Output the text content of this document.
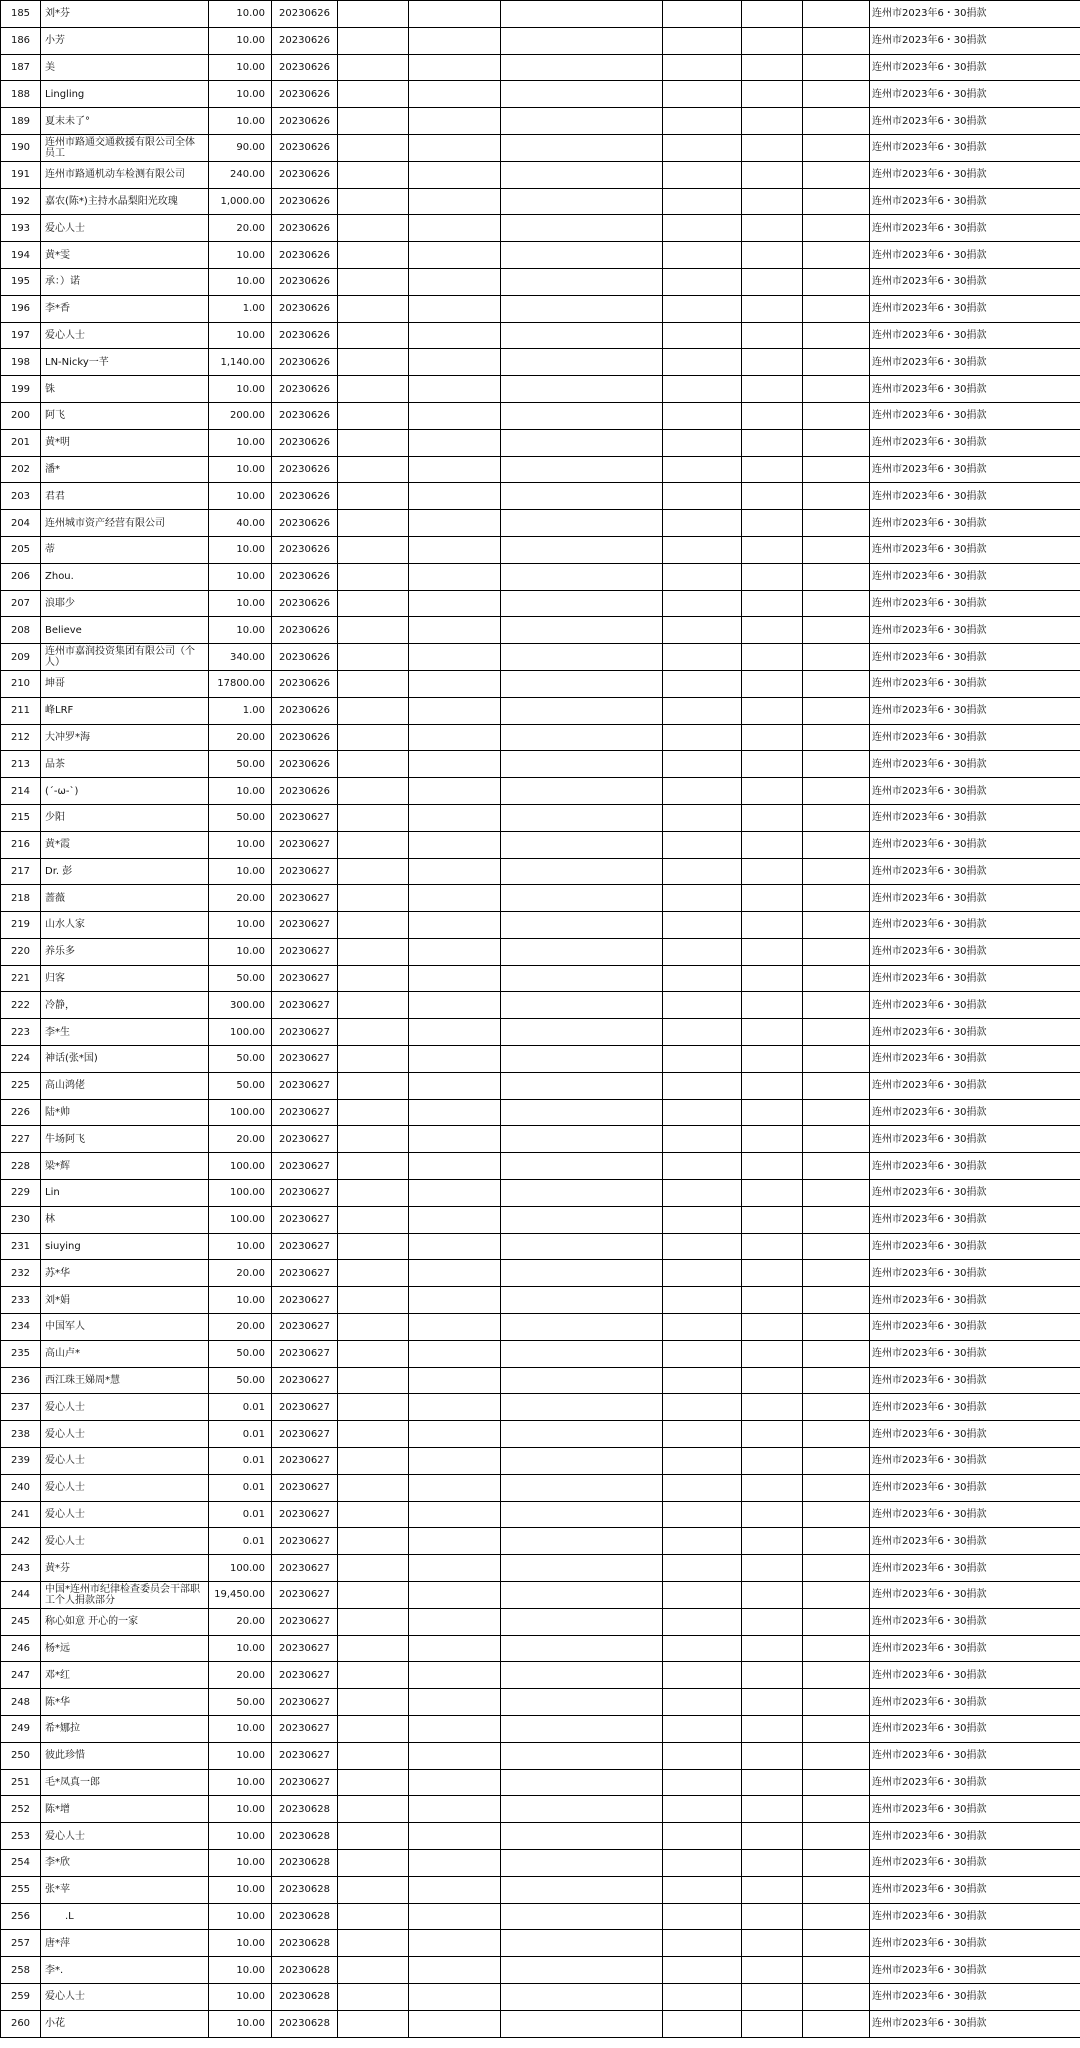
185	刘*芬	10.00	20230626							连州市2023年6・30捐款
186	小芳	10.00	20230626							连州市2023年6・30捐款
187	美	10.00	20230626							连州市2023年6・30捐款
188	Lingling	10.00	20230626							连州市2023年6・30捐款
189	夏末未了°	10.00	20230626							连州市2023年6・30捐款
190	连州市路通交通救援有限公司全体员工	90.00	20230626							连州市2023年6・30捐款
191	连州市路通机动车检测有限公司	240.00	20230626							连州市2023年6・30捐款
192	嘉农(陈*)主持水晶梨阳光玫瑰	1,000.00	20230626							连州市2023年6・30捐款
193	爱心人士	20.00	20230626							连州市2023年6・30捐款
194	黄*雯	10.00	20230626							连州市2023年6・30捐款
195	承：）诺	10.00	20230626							连州市2023年6・30捐款
196	李*香	1.00	20230626							连州市2023年6・30捐款
197	爱心人士	10.00	20230626							连州市2023年6・30捐款
198	LN-Nicky一芊	1,140.00	20230626							连州市2023年6・30捐款
199	铢	10.00	20230626							连州市2023年6・30捐款
200	阿飞	200.00	20230626							连州市2023年6・30捐款
201	黄*明	10.00	20230626							连州市2023年6・30捐款
202	潘*	10.00	20230626							连州市2023年6・30捐款
203	君君	10.00	20230626							连州市2023年6・30捐款
204	连州城市资产经营有限公司	40.00	20230626							连州市2023年6・30捐款
205	蒂	10.00	20230626							连州市2023年6・30捐款
206	Zhou.	10.00	20230626							连州市2023年6・30捐款
207	浪耶少	10.00	20230626							连州市2023年6・30捐款
208	Believe	10.00	20230626							连州市2023年6・30捐款
209	连州市嘉润投资集团有限公司（个人）	340.00	20230626							连州市2023年6・30捐款
210	坤哥	17800.00	20230626							连州市2023年6・30捐款
211	峰LRF	1.00	20230626							连州市2023年6・30捐款
212	大冲罗*海	20.00	20230626							连州市2023年6・30捐款
213	品茶	50.00	20230626							连州市2023年6・30捐款
214	(´-ω-`)	10.00	20230626							连州市2023年6・30捐款
215	少阳	50.00	20230627							连州市2023年6・30捐款
216	黄*霞	10.00	20230627							连州市2023年6・30捐款
217	Dr. 彭	10.00	20230627							连州市2023年6・30捐款
218	蔷薇	20.00	20230627							连州市2023年6・30捐款
219	山水人家	10.00	20230627							连州市2023年6・30捐款
220	养乐多	10.00	20230627							连州市2023年6・30捐款
221	归客	50.00	20230627							连州市2023年6・30捐款
222	冷静，	300.00	20230627							连州市2023年6・30捐款
223	李*生	100.00	20230627							连州市2023年6・30捐款
224	神话(张*国)	50.00	20230627							连州市2023年6・30捐款
225	高山鸿佬	50.00	20230627							连州市2023年6・30捐款
226	陆*帅	100.00	20230627							连州市2023年6・30捐款
227	牛场阿飞	20.00	20230627							连州市2023年6・30捐款
228	梁*辉	100.00	20230627							连州市2023年6・30捐款
229	Lin	100.00	20230627							连州市2023年6・30捐款
230	林	100.00	20230627							连州市2023年6・30捐款
231	siuying	10.00	20230627							连州市2023年6・30捐款
232	苏*华	20.00	20230627							连州市2023年6・30捐款
233	刘*娟	10.00	20230627							连州市2023年6・30捐款
234	中国军人	20.00	20230627							连州市2023年6・30捐款
235	高山卢*	50.00	20230627							连州市2023年6・30捐款
236	西江珠王娣周*慧	50.00	20230627							连州市2023年6・30捐款
237	爱心人士	0.01	20230627							连州市2023年6・30捐款
238	爱心人士	0.01	20230627							连州市2023年6・30捐款
239	爱心人士	0.01	20230627							连州市2023年6・30捐款
240	爱心人士	0.01	20230627							连州市2023年6・30捐款
241	爱心人士	0.01	20230627							连州市2023年6・30捐款
242	爱心人士	0.01	20230627							连州市2023年6・30捐款
243	黄*芬	100.00	20230627							连州市2023年6・30捐款
244	中国*连州市纪律检查委员会干部职工个人捐款部分	19,450.00	20230627							连州市2023年6・30捐款
245	称心如意 开心的一家	20.00	20230627							连州市2023年6・30捐款
246	杨*远	10.00	20230627							连州市2023年6・30捐款
247	邓*红	20.00	20230627							连州市2023年6・30捐款
248	陈*华	50.00	20230627							连州市2023年6・30捐款
249	希*娜拉	10.00	20230627							连州市2023年6・30捐款
250	彼此珍惜	10.00	20230627							连州市2023年6・30捐款
251	毛*凤真一郎	10.00	20230627							连州市2023年6・30捐款
252	陈*增	10.00	20230628							连州市2023年6・30捐款
253	爱心人士	10.00	20230628							连州市2023年6・30捐款
254	李*欣	10.00	20230628							连州市2023年6・30捐款
255	张*苹	10.00	20230628							连州市2023年6・30捐款
256	.L	10.00	20230628							连州市2023年6・30捐款
257	唐*萍	10.00	20230628							连州市2023年6・30捐款
258	李*.	10.00	20230628							连州市2023年6・30捐款
259	爱心人士	10.00	20230628							连州市2023年6・30捐款
260	小花	10.00	20230628							连州市2023年6・30捐款
